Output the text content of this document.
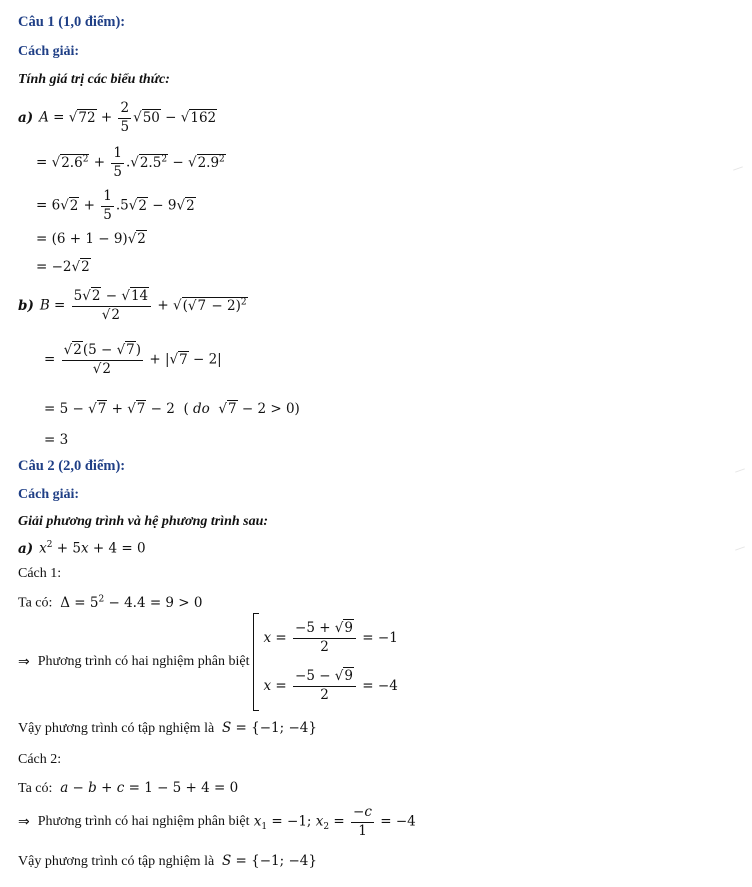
Câu 1 (1,0 điểm):
Cách giải:
Tính giá trị các biểu thức:
a) $A = √72 + \frac{2}{5} √50 - √162$
= $√2.6^2 + \frac{1}{5} .√2.5^2 - √2.9^2$
= $6√2 + \frac{1}{5} .5√2 - 9√2$
= (6 + 1 − 9)√2
= −2√2
b) $B = \frac{5√2 - √14}{√2} + √(√7 - 2)^2$
= $\frac{√2(5 - √7)}{√2} + |√7 - 2|$
= 5 − √7 + √7 − 2  ( do  √7 − 2 > 0)
= 3
Câu 2 (2,0 điểm):
Cách giải:
Giải phương trình và hệ phương trình sau:
a) $x^2 + 5x + 4 = 0$
Cách 1:
Ta có:  $\Delta = 5^2 - 4.4 = 9 > 0$
⇒ Phương trình có hai nghiệm phân biệt
$x = \frac{-5 + √9}{2} = -1$
$x = \frac{-5 - √9}{2} = -4$
Vậy phương trình có tập nghiệm là S = {−1; −4}
Cách 2:
Ta có: a − b + c = 1 − 5 + 4 = 0
⇒ Phương trình có hai nghiệm phân biệt $x_1 = -1$; $x_2 = \frac{-c}{1} = -4$
Vậy phương trình có tập nghiệm là S = {−1; −4}
